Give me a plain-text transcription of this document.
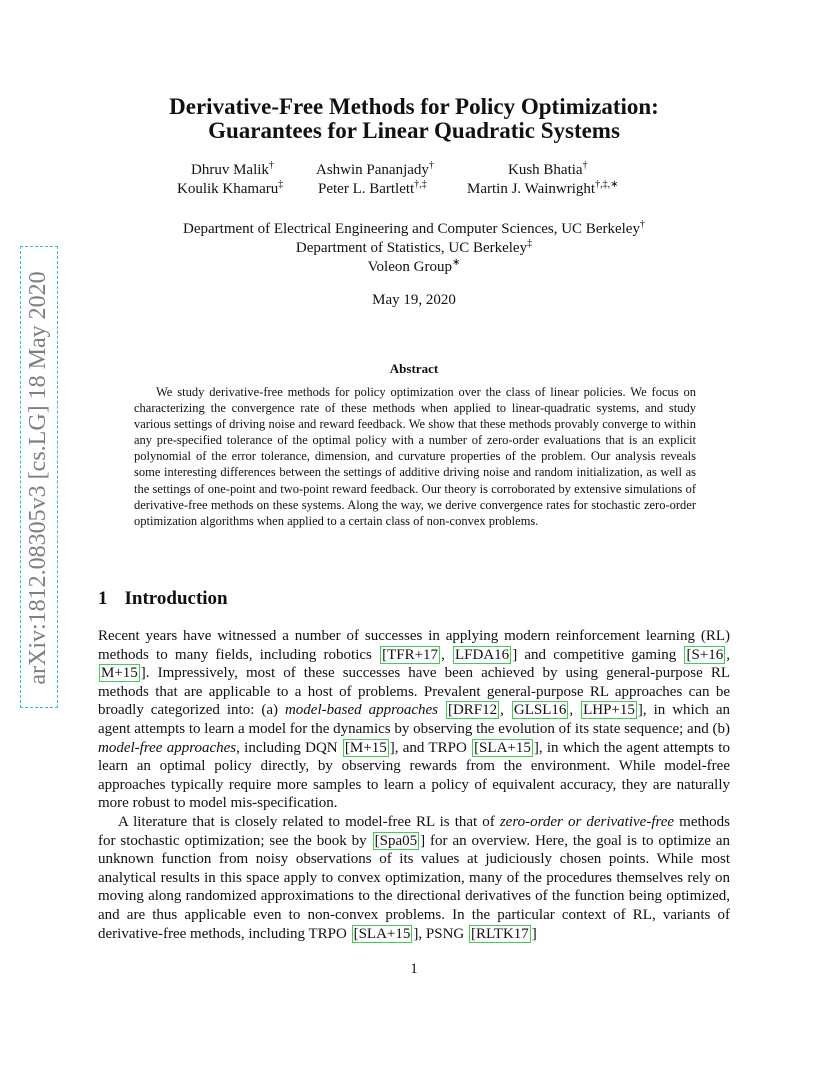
arXiv:1812.08305v3 [cs.LG] 18 May 2020
Derivative-Free Methods for Policy Optimization:
Guarantees for Linear Quadratic Systems
Dhruv Malik†	Ashwin Pananjady†	Kush Bhatia†
Koulik Khamaru‡ Peter L. Bartlett†,‡	Martin J. Wainwright†,‡,∗
Department of Electrical Engineering and Computer Sciences, UC Berkeley†
Department of Statistics, UC Berkeley‡
Voleon Group∗
May 19, 2020
Abstract

We study derivative-free methods for policy optimization over the class of linear policies. We focus on characterizing the convergence rate of these methods when applied to linear-quadratic systems, and study various settings of driving noise and reward feedback. We show that these methods provably converge to within any pre-specified tolerance of the optimal policy with a number of zero-order evaluations that is an explicit polynomial of the error tolerance, dimension, and curvature properties of the problem. Our analysis reveals some interesting differences between the settings of additive driving noise and random initialization, as well as the settings of one-point and two-point reward feedback. Our theory is corroborated by extensive simulations of derivative-free methods on these systems. Along the way, we derive convergence rates for stochastic zero-order optimization algorithms when applied to a certain class of non-convex problems.

1 Introduction

Recent years have witnessed a number of successes in applying modern reinforcement learning (RL) methods to many fields, including robotics [TFR+17 , LFDA16 ] and competitive gaming [S+16 , M+15 ]. Impressively, most of these successes have been achieved by using general-purpose RL methods that are applicable to a host of problems. Prevalent general-purpose RL approaches can be broadly categorized into: (a) model-based approaches [DRF12 , GLSL16 , LHP+15 ], in which an agent attempts to learn a model for the dynamics by observing the evolution of its state sequence; and (b) model-free approaches, including DQN [M+15 ], and TRPO [SLA+15 ], in which the agent attempts to learn an optimal policy directly, by observing rewards from the environment. While model-free approaches typically require more samples to learn a policy of equivalent accuracy, they are naturally more robust to model mis-specification.

A literature that is closely related to model-free RL is that of zero-order or derivative-free methods for stochastic optimization; see the book by [Spa05 ] for an overview. Here, the goal is to optimize an unknown function from noisy observations of its values at judiciously chosen points. While most analytical results in this space apply to convex optimization, many of the procedures themselves rely on moving along randomized approximations to the directional derivatives of the function being optimized, and are thus applicable even to non-convex problems. In the particular context of RL, variants of derivative-free methods, including TRPO [SLA+15 ], PSNG [RLTK17 ]

1
